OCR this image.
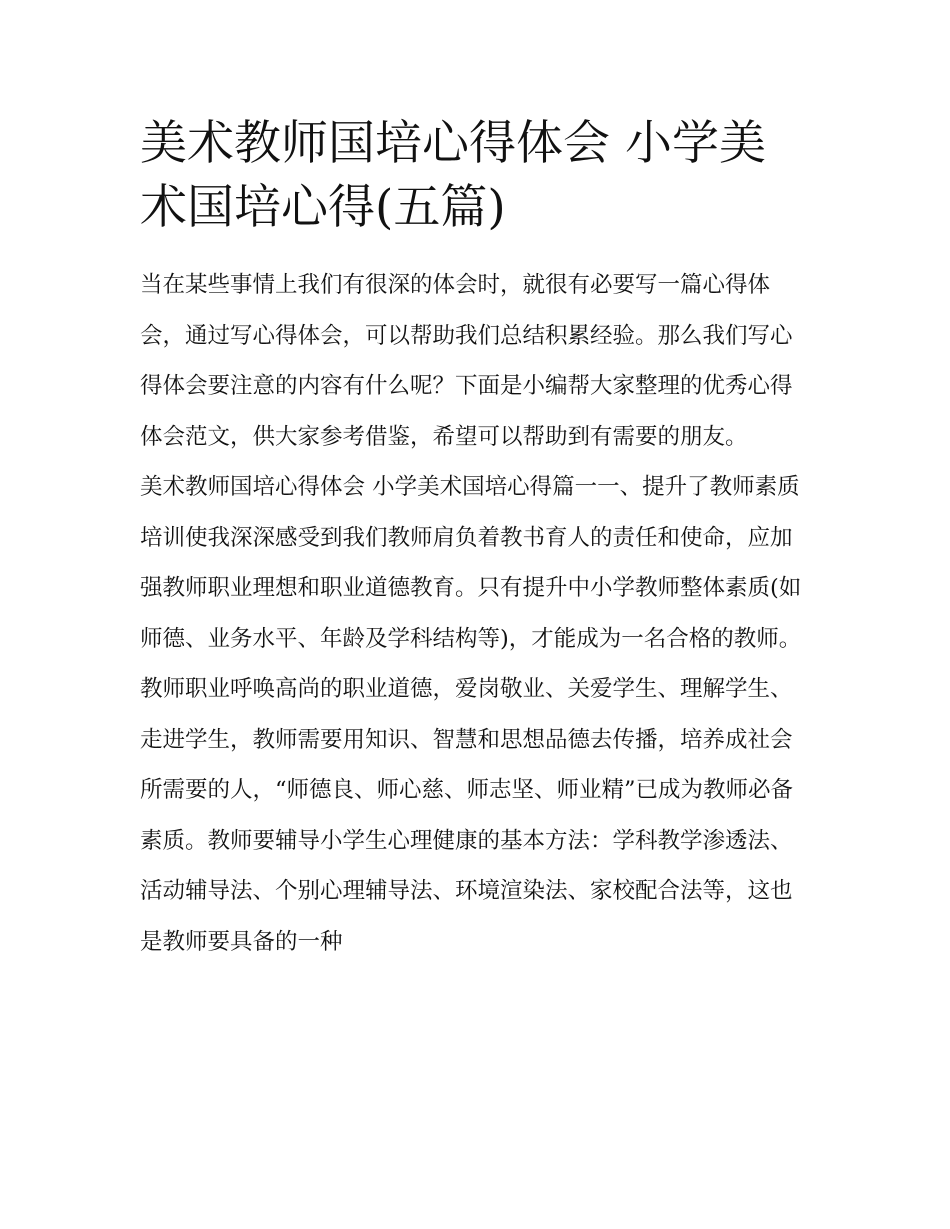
美术教师国培心得体会 小学美术国培心得(五篇)

当在某些事情上我们有很深的体会时，就很有必要写一篇心得体会，通过写心得体会，可以帮助我们总结积累经验。那么我们写心得体会要注意的内容有什么呢？下面是小编帮大家整理的优秀心得体会范文，供大家参考借鉴，希望可以帮助到有需要的朋友。

美术教师国培心得体会 小学美术国培心得篇一一、提升了教师素质

培训使我深深感受到我们教师肩负着教书育人的责任和使命，应加强教师职业理想和职业道德教育。只有提升中小学教师整体素质(如师德、业务水平、年龄及学科结构等)，才能成为一名合格的教师。教师职业呼唤高尚的职业道德，爱岗敬业、关爱学生、理解学生、走进学生，教师需要用知识、智慧和思想品德去传播，培养成社会所需要的人，“师德良、师心慈、师志坚、师业精”已成为教师必备素质。教师要辅导小学生心理健康的基本方法：学科教学渗透法、活动辅导法、个别心理辅导法、环境渲染法、家校配合法等，这也是教师要具备的一种
